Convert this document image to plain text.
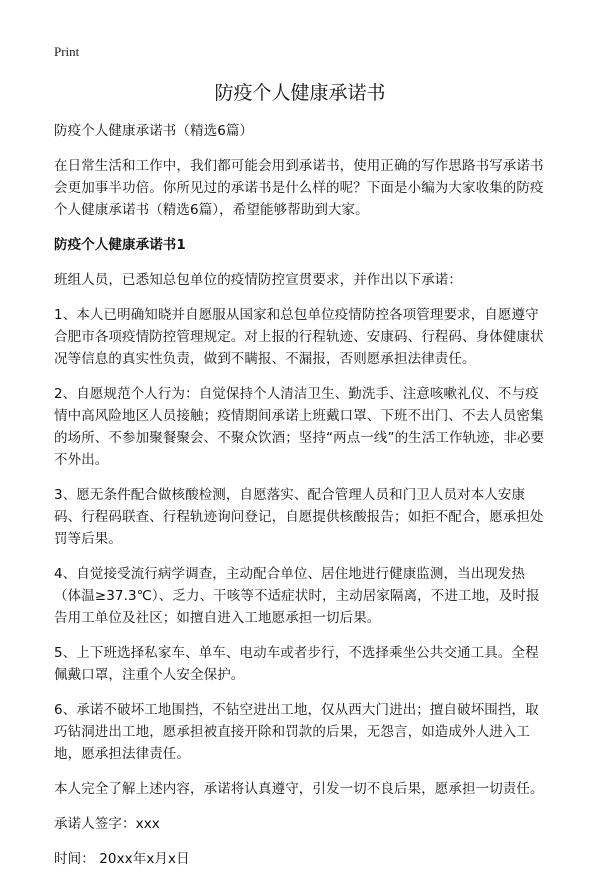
Print
防疫个人健康承诺书

防疫个人健康承诺书（精选6篇）

在日常生活和工作中，我们都可能会用到承诺书，使用正确的写作思路书写承诺书会更加事半功倍。你所见过的承诺书是什么样的呢？下面是小编为大家收集的防疫个人健康承诺书（精选6篇），希望能够帮助到大家。

防疫个人健康承诺书1

班组人员，已悉知总包单位的疫情防控宣贯要求，并作出以下承诺：

1、本人已明确知晓并自愿服从国家和总包单位疫情防控各项管理要求，自愿遵守合肥市各项疫情防控管理规定。对上报的行程轨迹、安康码、行程码、身体健康状况等信息的真实性负责，做到不瞒报、不漏报，否则愿承担法律责任。

2、自愿规范个人行为：自觉保持个人清洁卫生、勤洗手、注意咳嗽礼仪、不与疫情中高风险地区人员接触；疫情期间承诺上班戴口罩、下班不出门、不去人员密集的场所、不参加聚餐聚会、不聚众饮酒；坚持“两点一线”的生活工作轨迹，非必要不外出。

3、愿无条件配合做核酸检测，自愿落实、配合管理人员和门卫人员对本人安康码、行程码联查、行程轨迹询问登记，自愿提供核酸报告；如拒不配合，愿承担处罚等后果。

4、自觉接受流行病学调查，主动配合单位、居住地进行健康监测，当出现发热（体温≥37.3℃）、乏力、干咳等不适症状时，主动居家隔离，不进工地，及时报告用工单位及社区；如擅自进入工地愿承担一切后果。

5、上下班选择私家车、单车、电动车或者步行，不选择乘坐公共交通工具。全程佩戴口罩，注重个人安全保护。

6、承诺不破坏工地围挡，不钻空进出工地，仅从西大门进出；擅自破坏围挡，取巧钻洞进出工地，愿承担被直接开除和罚款的后果，无怨言，如造成外人进入工地，愿承担法律责任。

本人完全了解上述内容，承诺将认真遵守，引发一切不良后果，愿承担一切责任。

承诺人签字：xxx

时间： 20xx年x月x日
